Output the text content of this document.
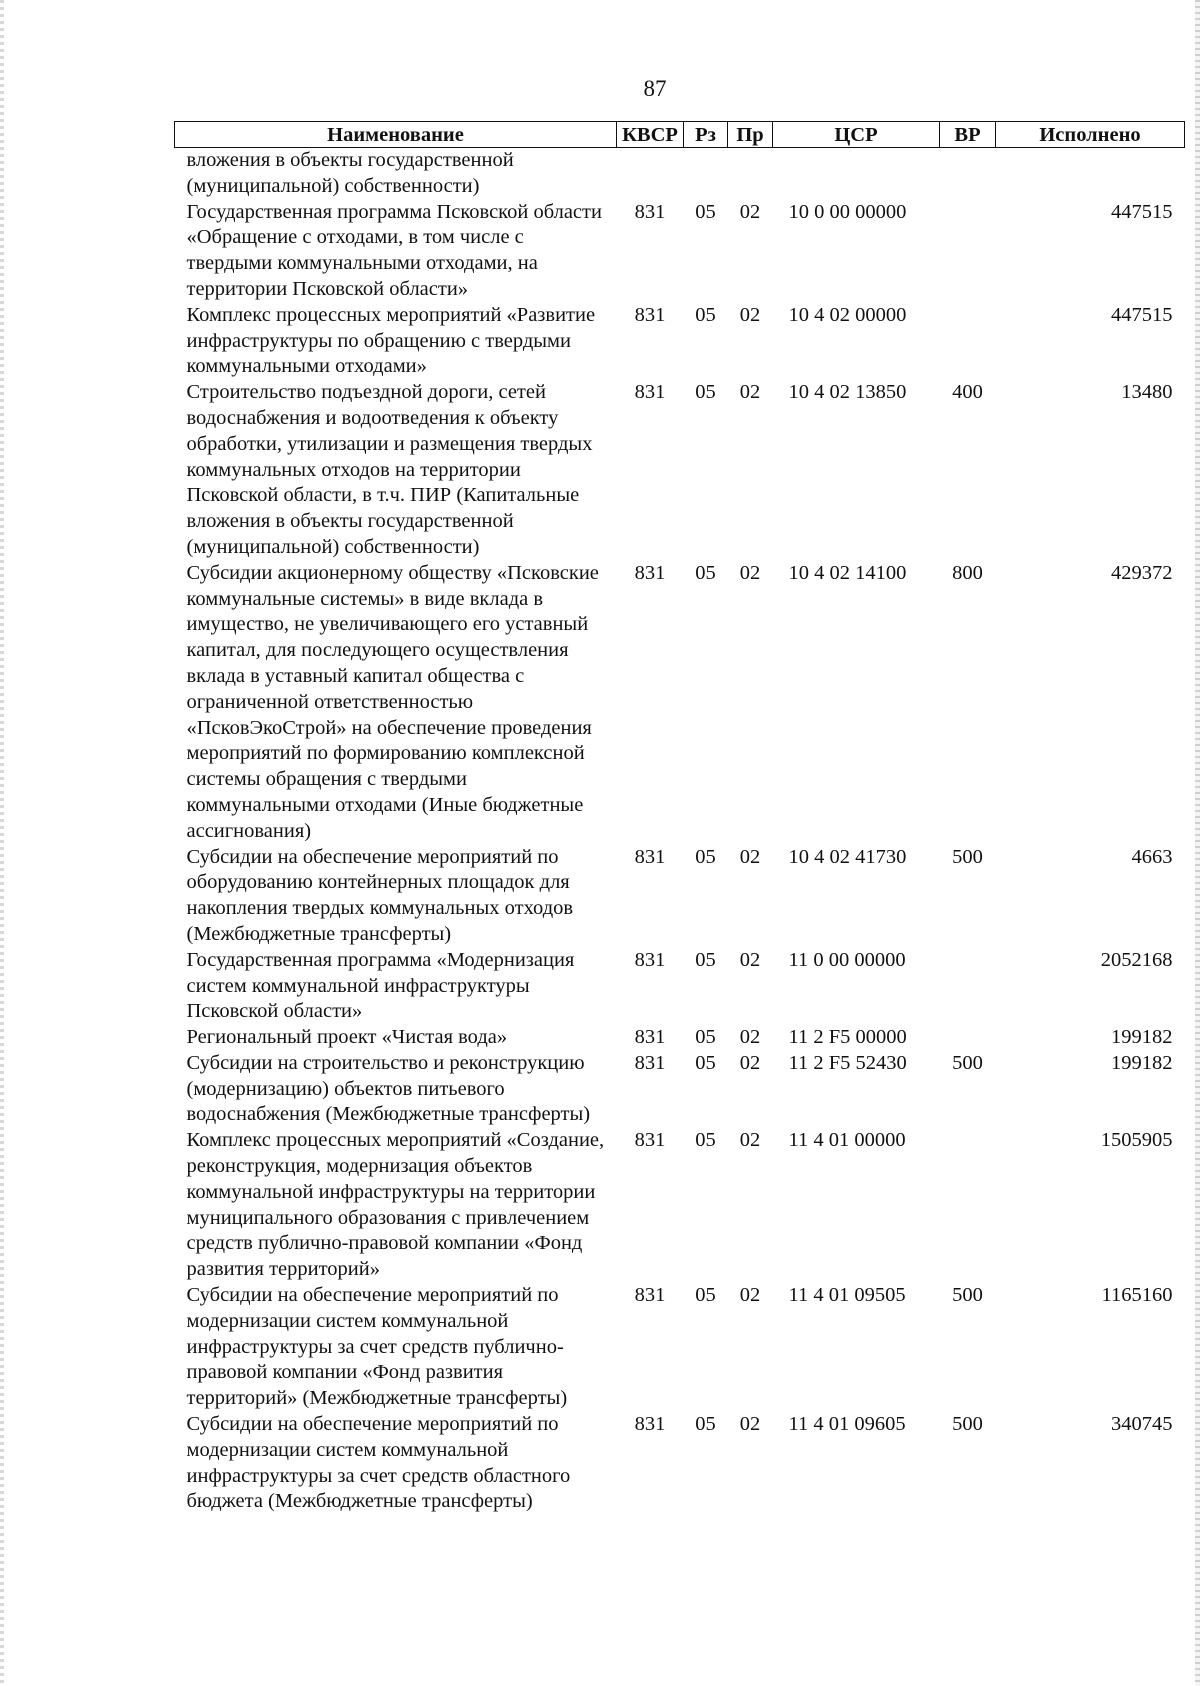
87
Наименование	КВСР	Рз	Пр	ЦСР	ВР	Исполнено
вложения в объекты государственной (муниципальной) собственности)						
Государственная программа Псковской области «Обращение с отходами, в том числе с твердыми коммунальными отходами, на территории Псковской области»	831	05	02	10 0 00 00000		447515
Комплекс процессных мероприятий «Развитие инфраструктуры по обращению с твердыми коммунальными отходами»	831	05	02	10 4 02 00000		447515
Строительство подъездной дороги, сетей водоснабжения и водоотведения к объекту обработки, утилизации и размещения твердых коммунальных отходов на территории Псковской области, в т.ч. ПИР (Капитальные вложения в объекты государственной (муниципальной) собственности)	831	05	02	10 4 02 13850	400	13480
Субсидии акционерному обществу «Псковские коммунальные системы» в виде вклада в имущество, не увеличивающего его уставный капитал, для последующего осуществления вклада в уставный капитал общества с ограниченной ответственностью «ПсковЭкоСтрой» на обеспечение проведения мероприятий по формированию комплексной системы обращения с твердыми коммунальными отходами (Иные бюджетные ассигнования)	831	05	02	10 4 02 14100	800	429372
Субсидии на обеспечение мероприятий по оборудованию контейнерных площадок для накопления твердых коммунальных отходов (Межбюджетные трансферты)	831	05	02	10 4 02 41730	500	4663
Государственная программа «Модернизация систем коммунальной инфраструктуры Псковской области»	831	05	02	11 0 00 00000		2052168
Региональный проект «Чистая вода»	831	05	02	11 2 F5 00000		199182
Субсидии на строительство и реконструкцию (модернизацию) объектов питьевого водоснабжения (Межбюджетные трансферты)	831	05	02	11 2 F5 52430	500	199182
Комплекс процессных мероприятий «Создание, реконструкция, модернизация объектов коммунальной инфраструктуры на территории муниципального образования с привлечением средств публично-правовой компании «Фонд развития территорий»	831	05	02	11 4 01 00000		1505905
Субсидии на обеспечение мероприятий по модернизации систем коммунальной инфраструктуры за счет средств публично-правовой компании «Фонд развития территорий» (Межбюджетные трансферты)	831	05	02	11 4 01 09505	500	1165160
Субсидии на обеспечение мероприятий по модернизации систем коммунальной инфраструктуры за счет средств областного бюджета (Межбюджетные трансферты)	831	05	02	11 4 01 09605	500	340745
